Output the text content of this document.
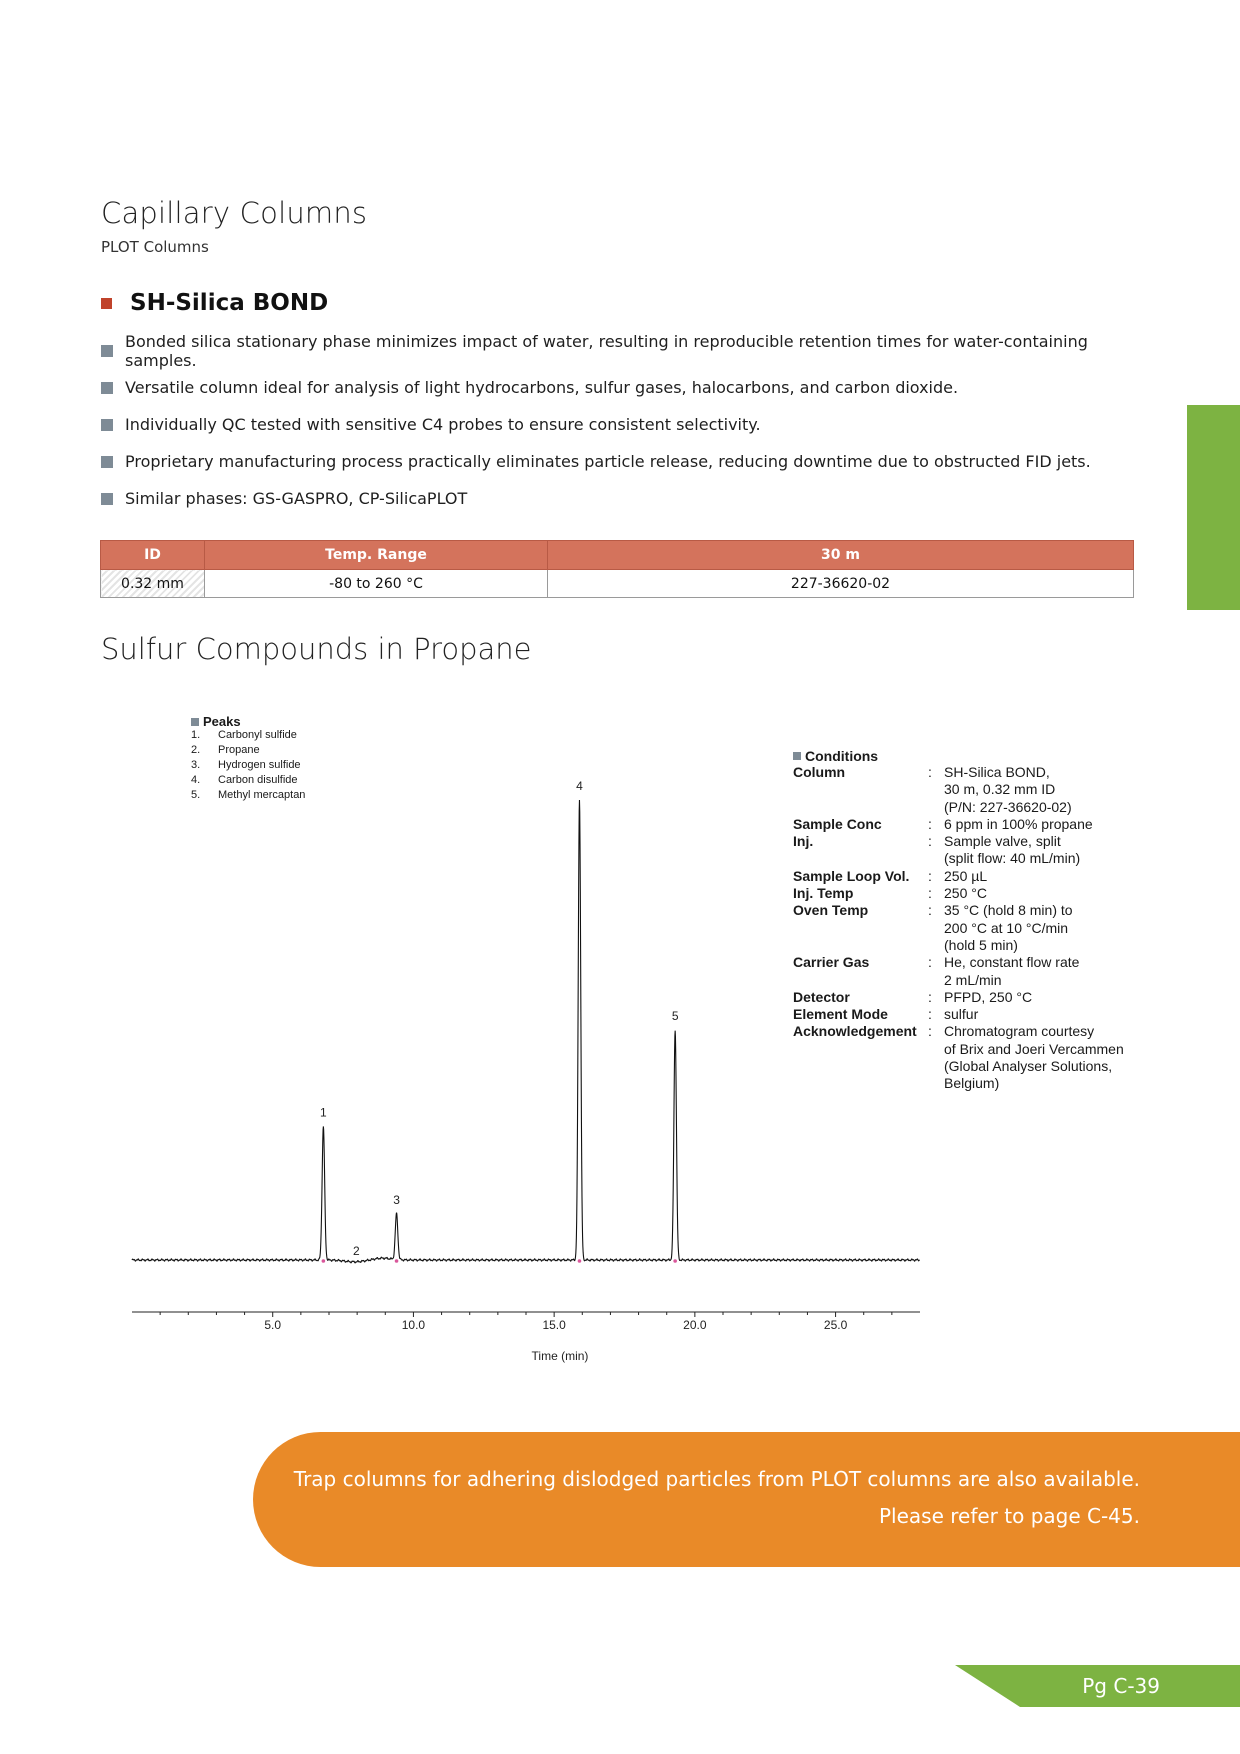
Capillary Columns
PLOT Columns
SH-Silica BOND
Bonded silica stationary phase minimizes impact of water, resulting in reproducible retention times for water-containing samples.
Versatile column ideal for analysis of light hydrocarbons, sulfur gases, halocarbons, and carbon dioxide.
Individually QC tested with sensitive C4 probes to ensure consistent selectivity.
Proprietary manufacturing process practically eliminates particle release, reducing downtime due to obstructed FID jets.
Similar phases: GS-GASPRO, CP-SilicaPLOT
ID	Temp. Range	30 m
0.32 mm	-80 to 260 °C	227-36620-02
Sulfur Compounds in Propane
Peaks
1.	Carbonyl sulfide
2.	Propane
3.	Hydrogen sulfide
4.	Carbon disulfide
5.	Methyl mercaptan
Conditions
Column	: SH-Silica BOND,
30 m, 0.32 mm ID
(P/N: 227-36620-02)
Sample Conc	: 6 ppm in 100% propane
Inj.	: Sample valve, split
(split flow: 40 mL/min)
Sample Loop Vol.	: 250 µL
Inj. Temp	: 250 °C
Oven Temp	: 35 °C (hold 8 min) to
200 °C at 10 °C/min
(hold 5 min)
Carrier Gas	: He, constant flow rate
2 mL/min
Detector	: PFPD, 250 °C
Element Mode	: sulfur
Acknowledgement : Chromatogram courtesy
of Brix and Joeri Vercammen
(Global Analyser Solutions,
Belgium)
1
2
3
4
5
5.0	10.0	15.0	20.0	25.0
Time (min)
Trap columns for adhering dislodged particles from PLOT columns are also available.
Please refer to page C-45.
Pg C-39
